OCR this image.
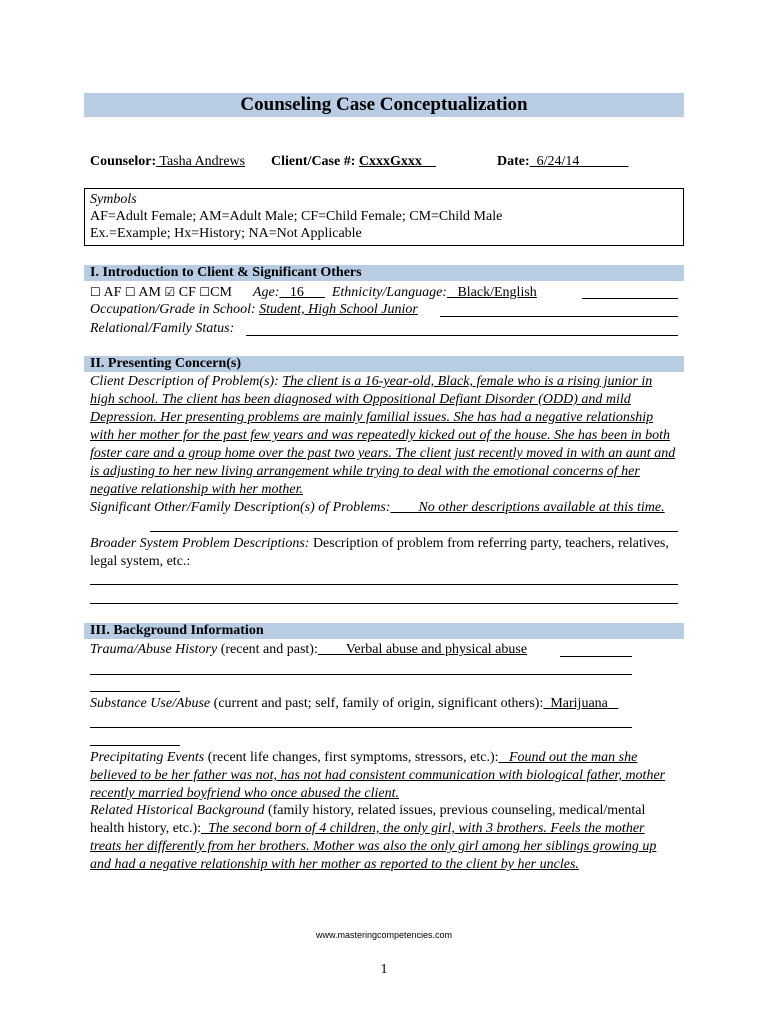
Counseling Case Conceptualization
Counselor: Tasha Andrews Client/Case #: CxxxGxxx	Date: 6/24/14
Symbols
AF=Adult Female; AM=Adult Male; CF=Child Female; CM=Child Male
Ex.=Example; Hx=History; NA=Not Applicable
I. Introduction to Client & Significant Others
☐ AF ☐ AM ☑ CF ☐CM Age: 16 Ethnicity/Language: Black/English
Occupation/Grade in School: Student, High School Junior
Relational/Family Status:
II. Presenting Concern(s)
Client Description of Problem(s): The client is a 16-year-old, Black, female who is a rising junior in high school. The client has been diagnosed with Oppositional Defiant Disorder (ODD) and mild Depression. Her presenting problems are mainly familial issues. She has had a negative relationship with her mother for the past few years and was repeatedly kicked out of the house. She has been in both foster care and a group home over the past two years. The client just recently moved in with an aunt and is adjusting to her new living arrangement while trying to deal with the emotional concerns of her negative relationship with her mother.
Significant Other/Family Description(s) of Problems: No other descriptions available at this time.
Broader System Problem Descriptions: Description of problem from referring party, teachers, relatives, legal system, etc.:
III. Background Information
Trauma/Abuse History (recent and past): Verbal abuse and physical abuse
Substance Use/Abuse (current and past; self, family of origin, significant others): Marijuana
Precipitating Events (recent life changes, first symptoms, stressors, etc.): Found out the man she believed to be her father was not, has not had consistent communication with biological father, mother recently married boyfriend who once abused the client.
Related Historical Background (family history, related issues, previous counseling, medical/mental health history, etc.): The second born of 4 children, the only girl, with 3 brothers. Feels the mother treats her differently from her brothers. Mother was also the only girl among her siblings growing up and had a negative relationship with her mother as reported to the client by her uncles.
www.masteringcompetencies.com
1
